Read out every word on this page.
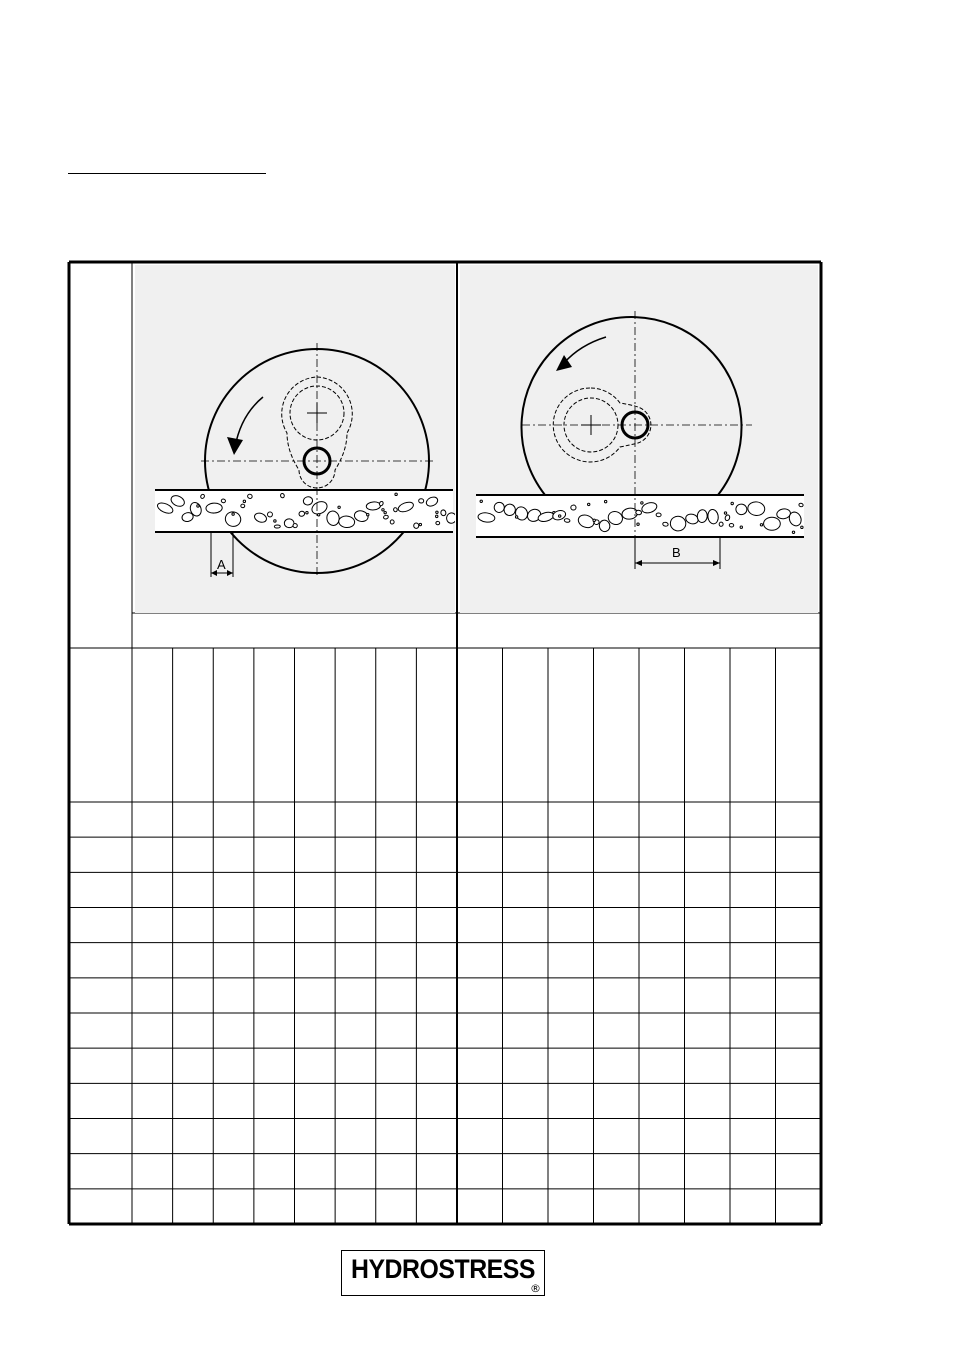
A
B
HYDROSTRESS
®
